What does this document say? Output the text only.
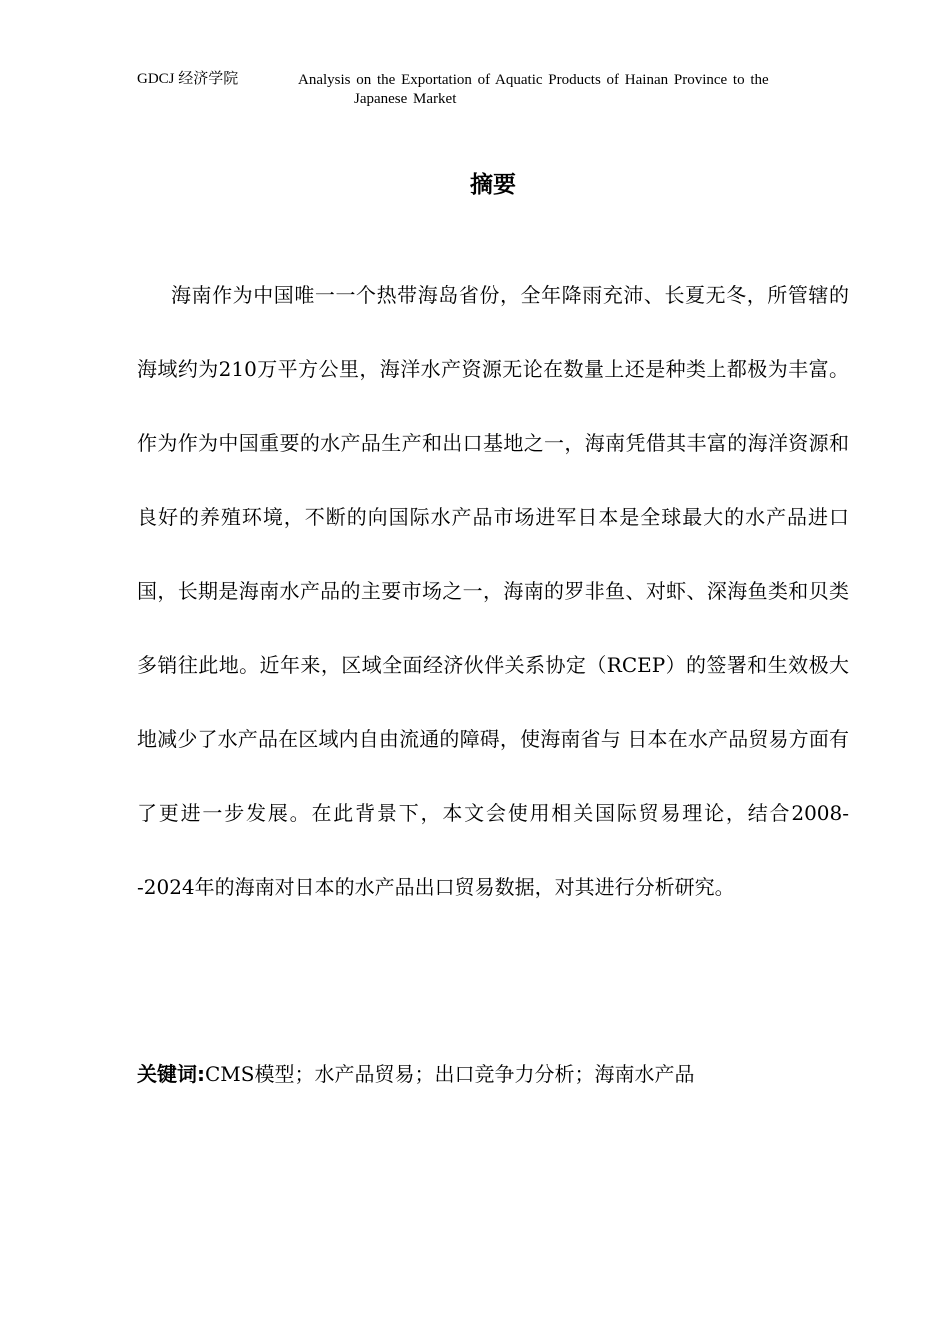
GDCJ 经济学院	Analysis on the Exportation of Aquatic Products of Hainan Province to the
Japanese Market
摘要

海南作为中国唯一一个热带海岛省份，全年降雨充沛、长夏无冬，所管辖的海域约为210万平方公里，海洋水产资源无论在数量上还是种类上都极为丰富。作为作为中国重要的水产品生产和出口基地之一，海南凭借其丰富的海洋资源和良好的养殖环境，不断的向国际水产品市场进军日本是全球最大的水产品进口国，长期是海南水产品的主要市场之一，海南的罗非鱼、对虾、深海鱼类和贝类多销往此地。近年来，区域全面经济伙伴关系协定（RCEP）的签署和生效极大地减少了水产品在区域内自由流通的障碍，使海南省与 日本在水产品贸易方面有了更进一步发展。在此背景下，本文会使用相关国际贸易理论，结合2008--2024年的海南对日本的水产品出口贸易数据，对其进行分析研究。

关键词:CMS模型；水产品贸易；出口竞争力分析；海南水产品
